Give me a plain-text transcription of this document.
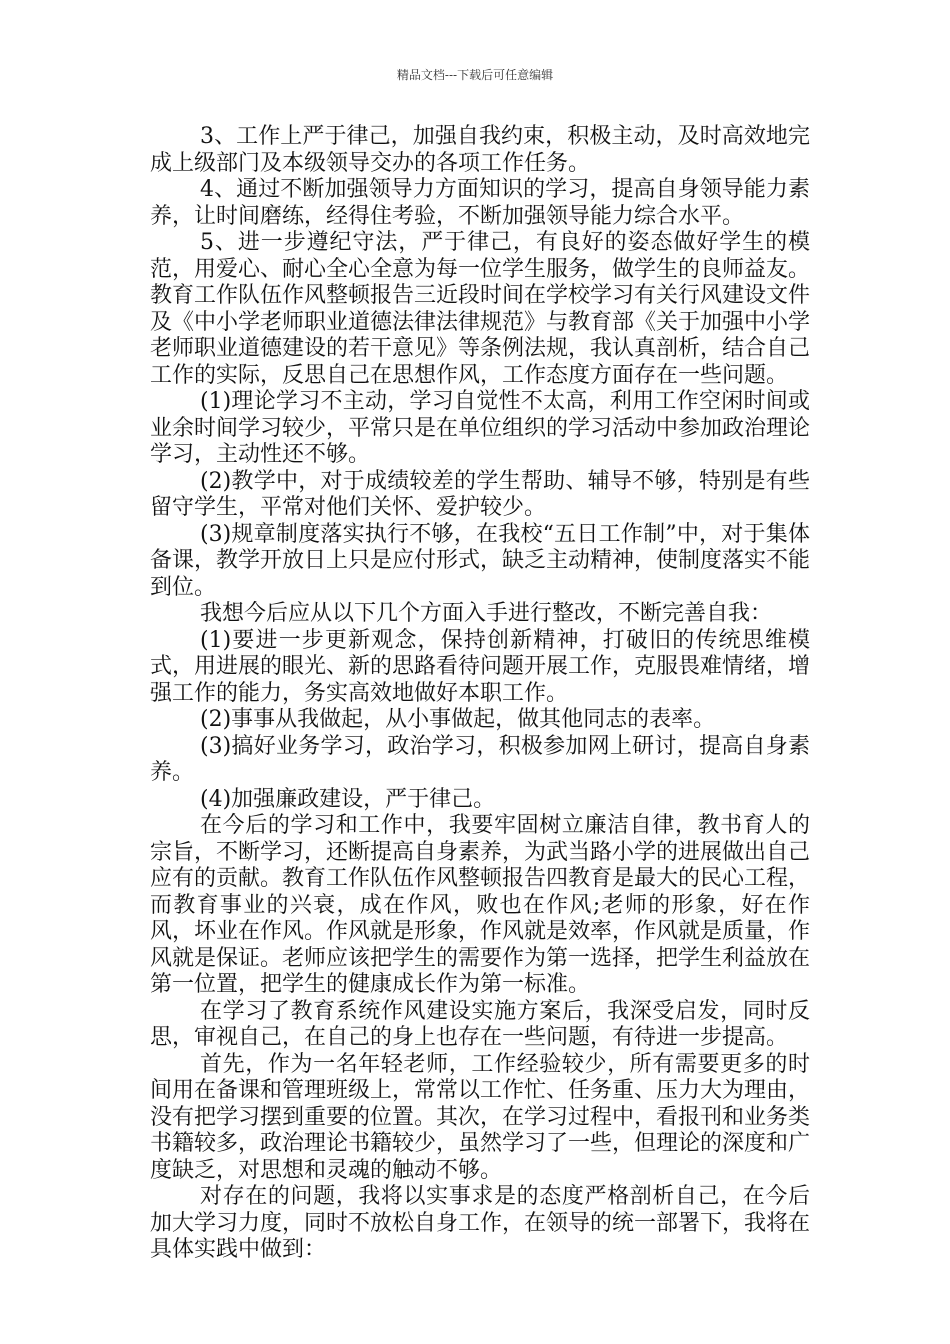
精品文档---下载后可任意编辑

3、工作上严于律己，加强自我约束，积极主动，及时高效地完成上级部门及本级领导交办的各项工作任务。

4、通过不断加强领导力方面知识的学习，提高自身领导能力素养，让时间磨练，经得住考验，不断加强领导能力综合水平。

5、进一步遵纪守法，严于律己，有良好的姿态做好学生的模范，用爱心、耐心全心全意为每一位学生服务，做学生的良师益友。教育工作队伍作风整顿报告三近段时间在学校学习有关行风建设文件及《中小学老师职业道德法律法律规范》与教育部《关于加强中小学老师职业道德建设的若干意见》等条例法规，我认真剖析，结合自己工作的实际，反思自己在思想作风，工作态度方面存在一些问题。

(1)理论学习不主动，学习自觉性不太高，利用工作空闲时间或业余时间学习较少，平常只是在单位组织的学习活动中参加政治理论学习，主动性还不够。

(2)教学中，对于成绩较差的学生帮助、辅导不够，特别是有些留守学生，平常对他们关怀、爱护较少。

(3)规章制度落实执行不够，在我校“五日工作制”中，对于集体备课，教学开放日上只是应付形式，缺乏主动精神，使制度落实不能到位。

我想今后应从以下几个方面入手进行整改，不断完善自我：

(1)要进一步更新观念，保持创新精神，打破旧的传统思维模式，用进展的眼光、新的思路看待问题开展工作，克服畏难情绪，增强工作的能力，务实高效地做好本职工作。

(2)事事从我做起，从小事做起，做其他同志的表率。

(3)搞好业务学习，政治学习，积极参加网上研讨，提高自身素养。

(4)加强廉政建设，严于律己。

在今后的学习和工作中，我要牢固树立廉洁自律，教书育人的宗旨，不断学习，还断提高自身素养，为武当路小学的进展做出自己应有的贡献。教育工作队伍作风整顿报告四教育是最大的民心工程，而教育事业的兴衰，成在作风，败也在作风;老师的形象，好在作风，坏业在作风。作风就是形象，作风就是效率，作风就是质量，作风就是保证。老师应该把学生的需要作为第一选择，把学生利益放在第一位置，把学生的健康成长作为第一标准。

在学习了教育系统作风建设实施方案后，我深受启发，同时反思，审视自己，在自己的身上也存在一些问题，有待进一步提高。

首先，作为一名年轻老师，工作经验较少，所有需要更多的时间用在备课和管理班级上，常常以工作忙、任务重、压力大为理由，没有把学习摆到重要的位置。其次，在学习过程中，看报刊和业务类书籍较多，政治理论书籍较少，虽然学习了一些，但理论的深度和广度缺乏，对思想和灵魂的触动不够。

对存在的问题，我将以实事求是的态度严格剖析自己，在今后加大学习力度，同时不放松自身工作，在领导的统一部署下，我将在具体实践中做到：
